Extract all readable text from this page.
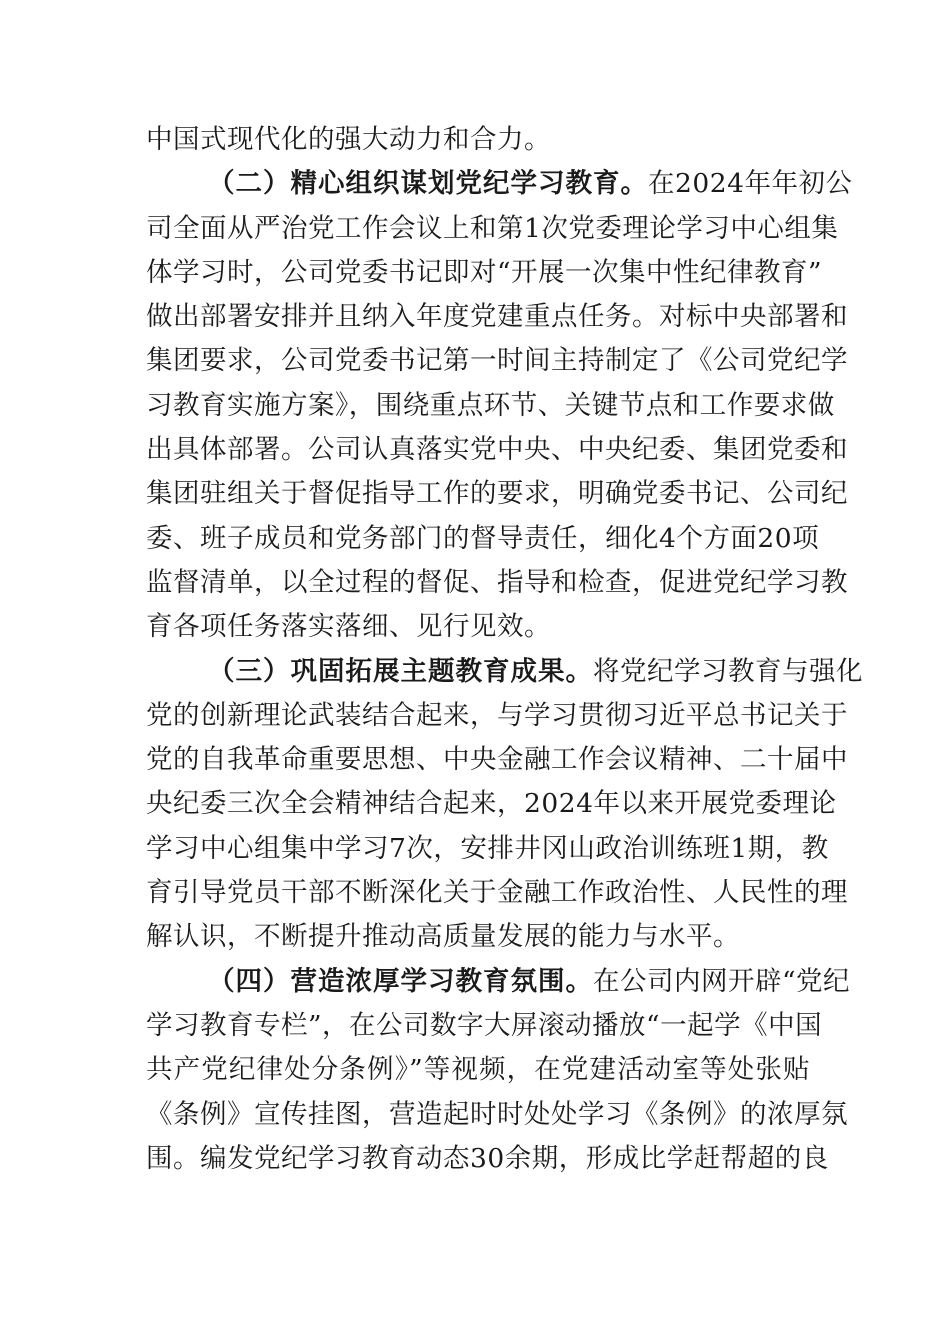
中国式现代化的强大动力和合力。
（二）精心组织谋划党纪学习教育。在2024年年初公
司全面从严治党工作会议上和第1次党委理论学习中心组集
体学习时，公司党委书记即对“开展一次集中性纪律教育”
做出部署安排并且纳入年度党建重点任务。对标中央部署和
集团要求，公司党委书记第一时间主持制定了《公司党纪学
习教育实施方案》，围绕重点环节、关键节点和工作要求做
出具体部署。公司认真落实党中央、中央纪委、集团党委和
集团驻组关于督促指导工作的要求，明确党委书记、公司纪
委、班子成员和党务部门的督导责任，细化4个方面20项
监督清单，以全过程的督促、指导和检查，促进党纪学习教
育各项任务落实落细、见行见效。
（三）巩固拓展主题教育成果。将党纪学习教育与强化
党的创新理论武装结合起来，与学习贯彻习近平总书记关于
党的自我革命重要思想、中央金融工作会议精神、二十届中
央纪委三次全会精神结合起来，2024年以来开展党委理论
学习中心组集中学习7次，安排井冈山政治训练班1期，教
育引导党员干部不断深化关于金融工作政治性、人民性的理
解认识，不断提升推动高质量发展的能力与水平。
（四）营造浓厚学习教育氛围。在公司内网开辟“党纪
学习教育专栏”，在公司数字大屏滚动播放“一起学《中国
共产党纪律处分条例》”等视频，在党建活动室等处张贴
《条例》宣传挂图，营造起时时处处学习《条例》的浓厚氛
围。编发党纪学习教育动态30余期，形成比学赶帮超的良
